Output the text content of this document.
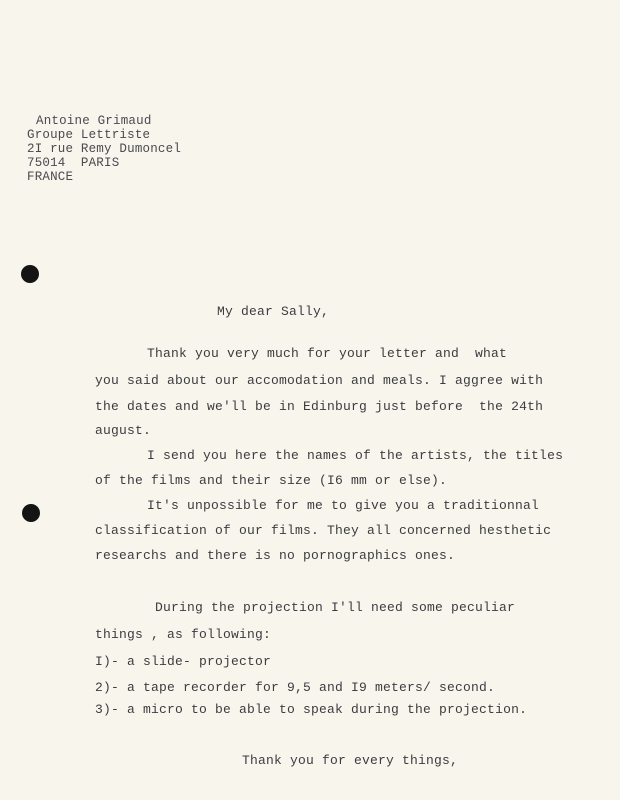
Antoine Grimaud
Groupe Lettriste
2I rue Remy Dumoncel
75014  PARIS
FRANCE
My dear Sally,
Thank you very much for your letter and  what
you said about our accomodation and meals. I aggree with
the dates and we'll be in Edinburg just before  the 24th
august.
I send you here the names of the artists, the titles
of the films and their size (I6 mm or else).
It's unpossible for me to give you a traditionnal
classification of our films. They all concerned hesthetic
researchs and there is no pornographics ones.
During the projection I'll need some peculiar
things , as following:
I)- a slide- projector
2)- a tape recorder for 9,5 and I9 meters/ second.
3)- a micro to be able to speak during the projection.
Thank you for every things,
